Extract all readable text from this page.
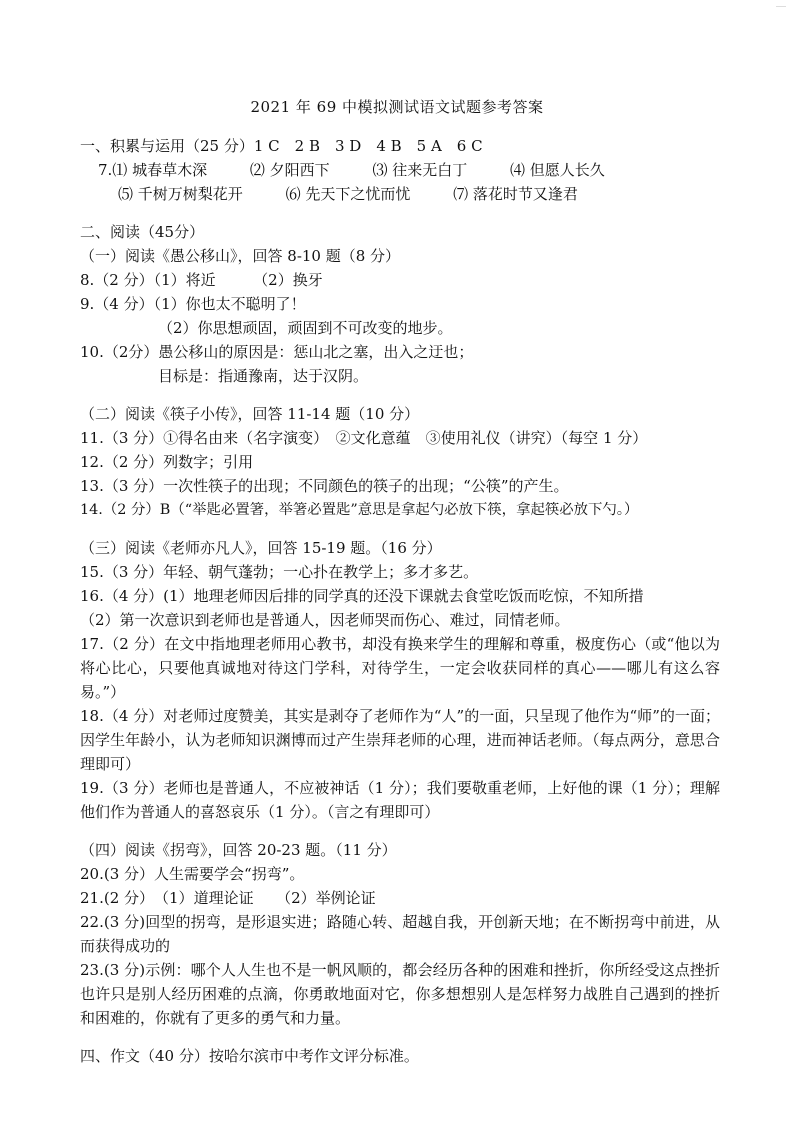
2021 年 69 中模拟测试语文试题参考答案
一、积累与运用（25 分）1 C　2 B　3 D　4 B　5 A　6 C
7.⑴ 城春草木深	⑵ 夕阳西下	⑶ 往来无白丁	⑷ 但愿人长久
⑸ 千树万树梨花开	⑹ 先天下之忧而忧	⑺ 落花时节又逢君
二、阅读（45分）
（一）阅读《愚公移山》，回答 8-10 题（8 分）
8.（2 分）（1）将近　　　（2）换牙
9.（4 分）（1）你也太不聪明了！
（2）你思想顽固，顽固到不可改变的地步。
10.（2分）愚公移山的原因是：惩山北之塞，出入之迂也；
目标是：指通豫南，达于汉阴。
（二）阅读《筷子小传》，回答 11-14 题（10 分）
11.（3 分）①得名由来（名字演变）　②文化意蕴　③使用礼仪（讲究）（每空 1 分）
12.（2 分）列数字；引用
13.（3 分）一次性筷子的出现；不同颜色的筷子的出现；“公筷”的产生。
14.（2 分）B（“举匙必置箸，举箸必置匙”意思是拿起勺必放下筷，拿起筷必放下勺。）
（三）阅读《老师亦凡人》，回答 15-19 题。（16 分）
15.（3 分）年轻、朝气蓬勃；一心扑在教学上；多才多艺。
16.（4 分）(1）地理老师因后排的同学真的还没下课就去食堂吃饭而吃惊，不知所措
（2）第一次意识到老师也是普通人，因老师哭而伤心、难过，同情老师。
17.（2 分）在文中指地理老师用心教书，却没有换来学生的理解和尊重，极度伤心（或“他以为将心比心，只要他真诚地对待这门学科，对待学生，一定会收获同样的真心——哪儿有这么容易。”）
18.（4 分）对老师过度赞美，其实是剥夺了老师作为“人”的一面，只呈现了他作为“师”的一面；因学生年龄小，认为老师知识渊博而过产生崇拜老师的心理，进而神话老师。（每点两分，意思合理即可）
19.（3 分）老师也是普通人，不应被神话（1 分）；我们要敬重老师，上好他的课（1 分）；理解他们作为普通人的喜怒哀乐（1 分）。（言之有理即可）
（四）阅读《拐弯》，回答 20-23 题。（11 分）
20.(3 分）人生需要学会“拐弯”。
21.(2 分）　（1）道理论证　　（2）举例论证
22.(3 分)回型的拐弯，是形退实进；路随心转、超越自我，开创新天地；在不断拐弯中前进，从而获得成功的
23.(3 分)示例：哪个人人生也不是一帆风顺的，都会经历各种的困难和挫折，你所经受这点挫折也许只是别人经历困难的点滴，你勇敢地面对它，你多想想别人是怎样努力战胜自己遇到的挫折和困难的，你就有了更多的勇气和力量。
四、作文（40 分）按哈尔滨市中考作文评分标准。
